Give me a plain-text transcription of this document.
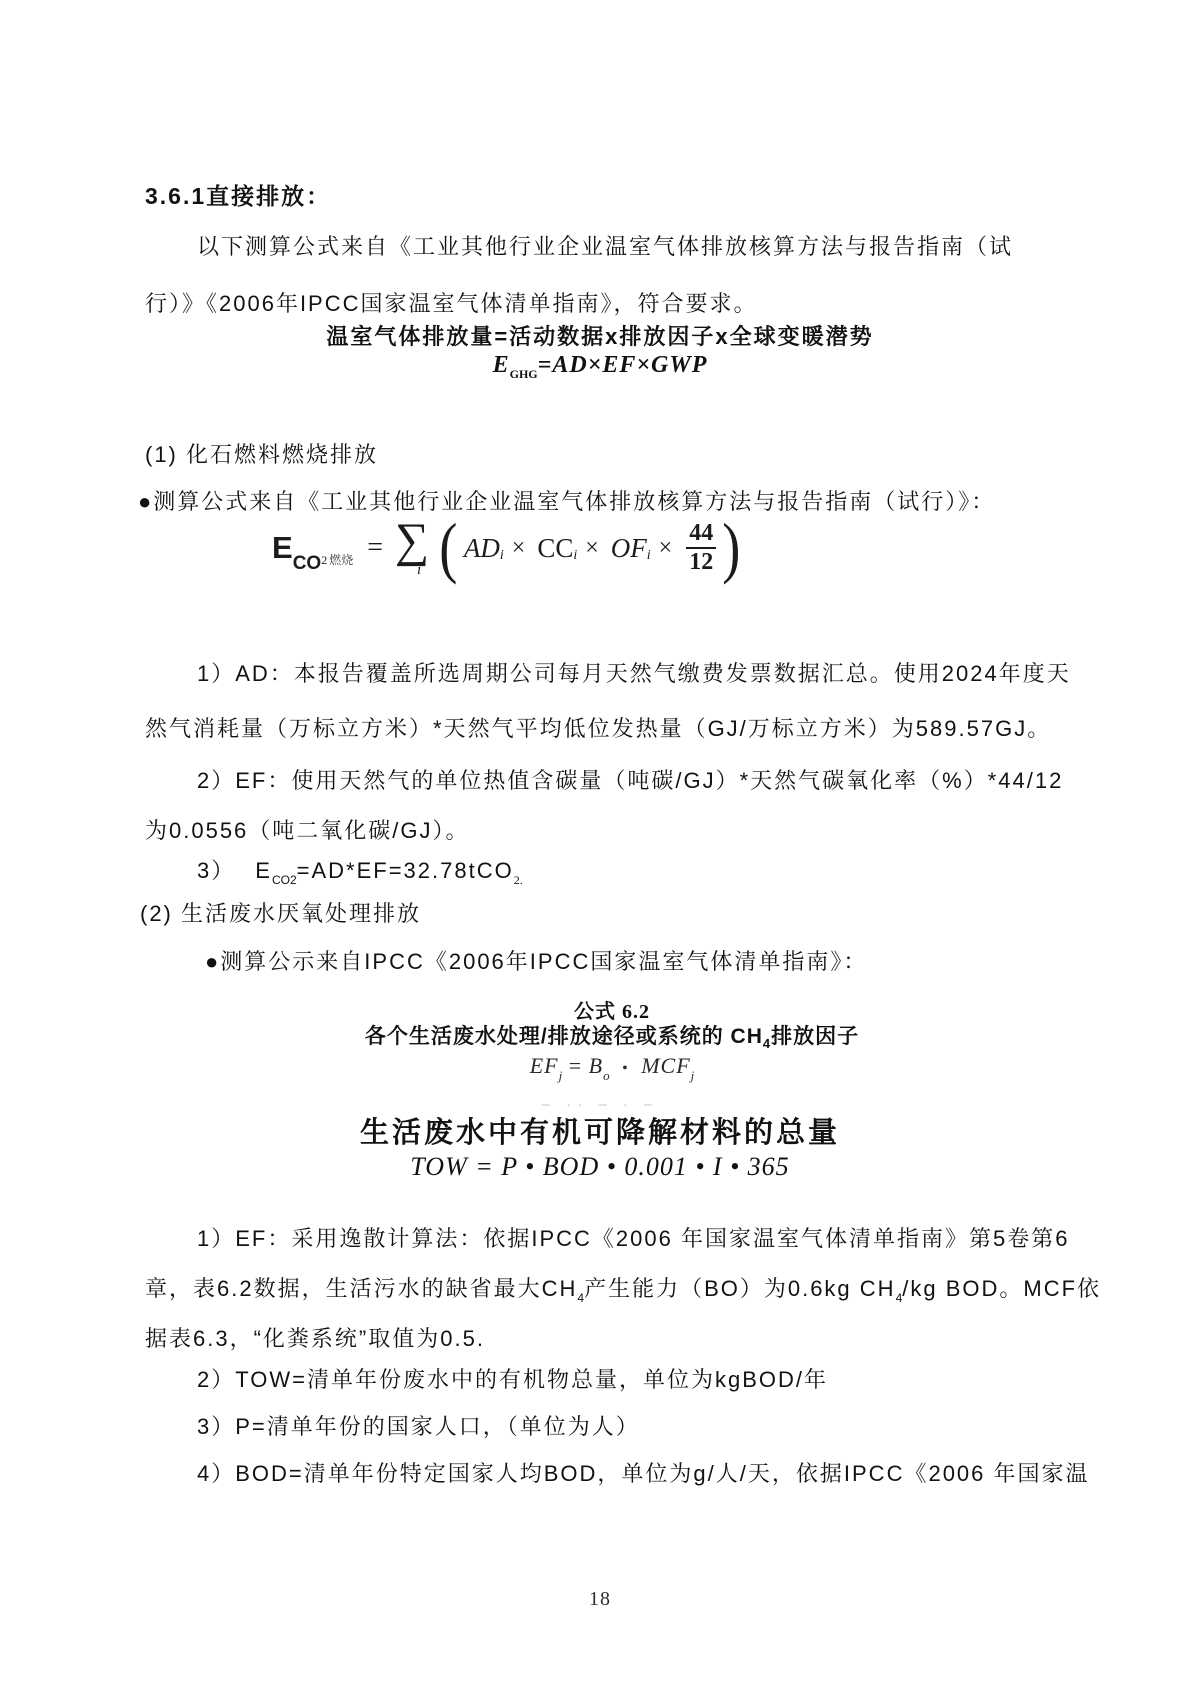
3.6.1直接排放：
以下测算公式来自《工业其他行业企业温室气体排放核算方法与报告指南（试
行）》《2006年IPCC国家温室气体清单指南》，符合要求。
温室气体排放量=活动数据x排放因子x全球变暖潜势
$E_{GHG}=AD\times EF\times GWP$
(1) 化石燃料燃烧排放
●测算公式来自《工业其他行业企业温室气体排放核算方法与报告指南（试行）》：
$ECO_2$ $_{燃烧}$ = ∑
i ( AD i × CC i × OF $i \times \frac{44}{12}$ )
1）AD：本报告覆盖所选周期公司每月天然气缴费发票数据汇总。使用2024年度天
然气消耗量（万标立方米）*天然气平均低位发热量（GJ/万标立方米）为589.57GJ。
2）EF：使用天然气的单位热值含碳量（吨碳/GJ）*天然气碳氧化率（%）*44/12
为0.0556（吨二氧化碳/GJ）。
3） $E_{CO2}=AD*EF=32.78tCO_{2.}$
(2) 生活废水厌氧处理排放
●测算公示来自IPCC《2006年IPCC国家温室气体清单指南》：
公式 6.2
各个生活废水处理/排放途径或系统的 $CH_4$排放因子
$EF_j = B_o$ • $MCF_j$
– ·· – · –
生活废水中有机可降解材料的总量
TOW = P • BOD • 0.001 • I • 365
1）EF：采用逸散计算法：依据IPCC《2006 年国家温室气体清单指南》第5卷第6
章，表6.2数据，生活污水的缺省最大$CH_4$产生能力（BO）为0.6kg $CH_4/kg$ BOD。MCF依
据表6.3，“化粪系统”取值为0.5.
2）TOW=清单年份废水中的有机物总量，单位为kgBOD/年
3）P=清单年份的国家人口，（单位为人）
4）BOD=清单年份特定国家人均BOD，单位为g/人/天，依据IPCC《2006 年国家温
18
